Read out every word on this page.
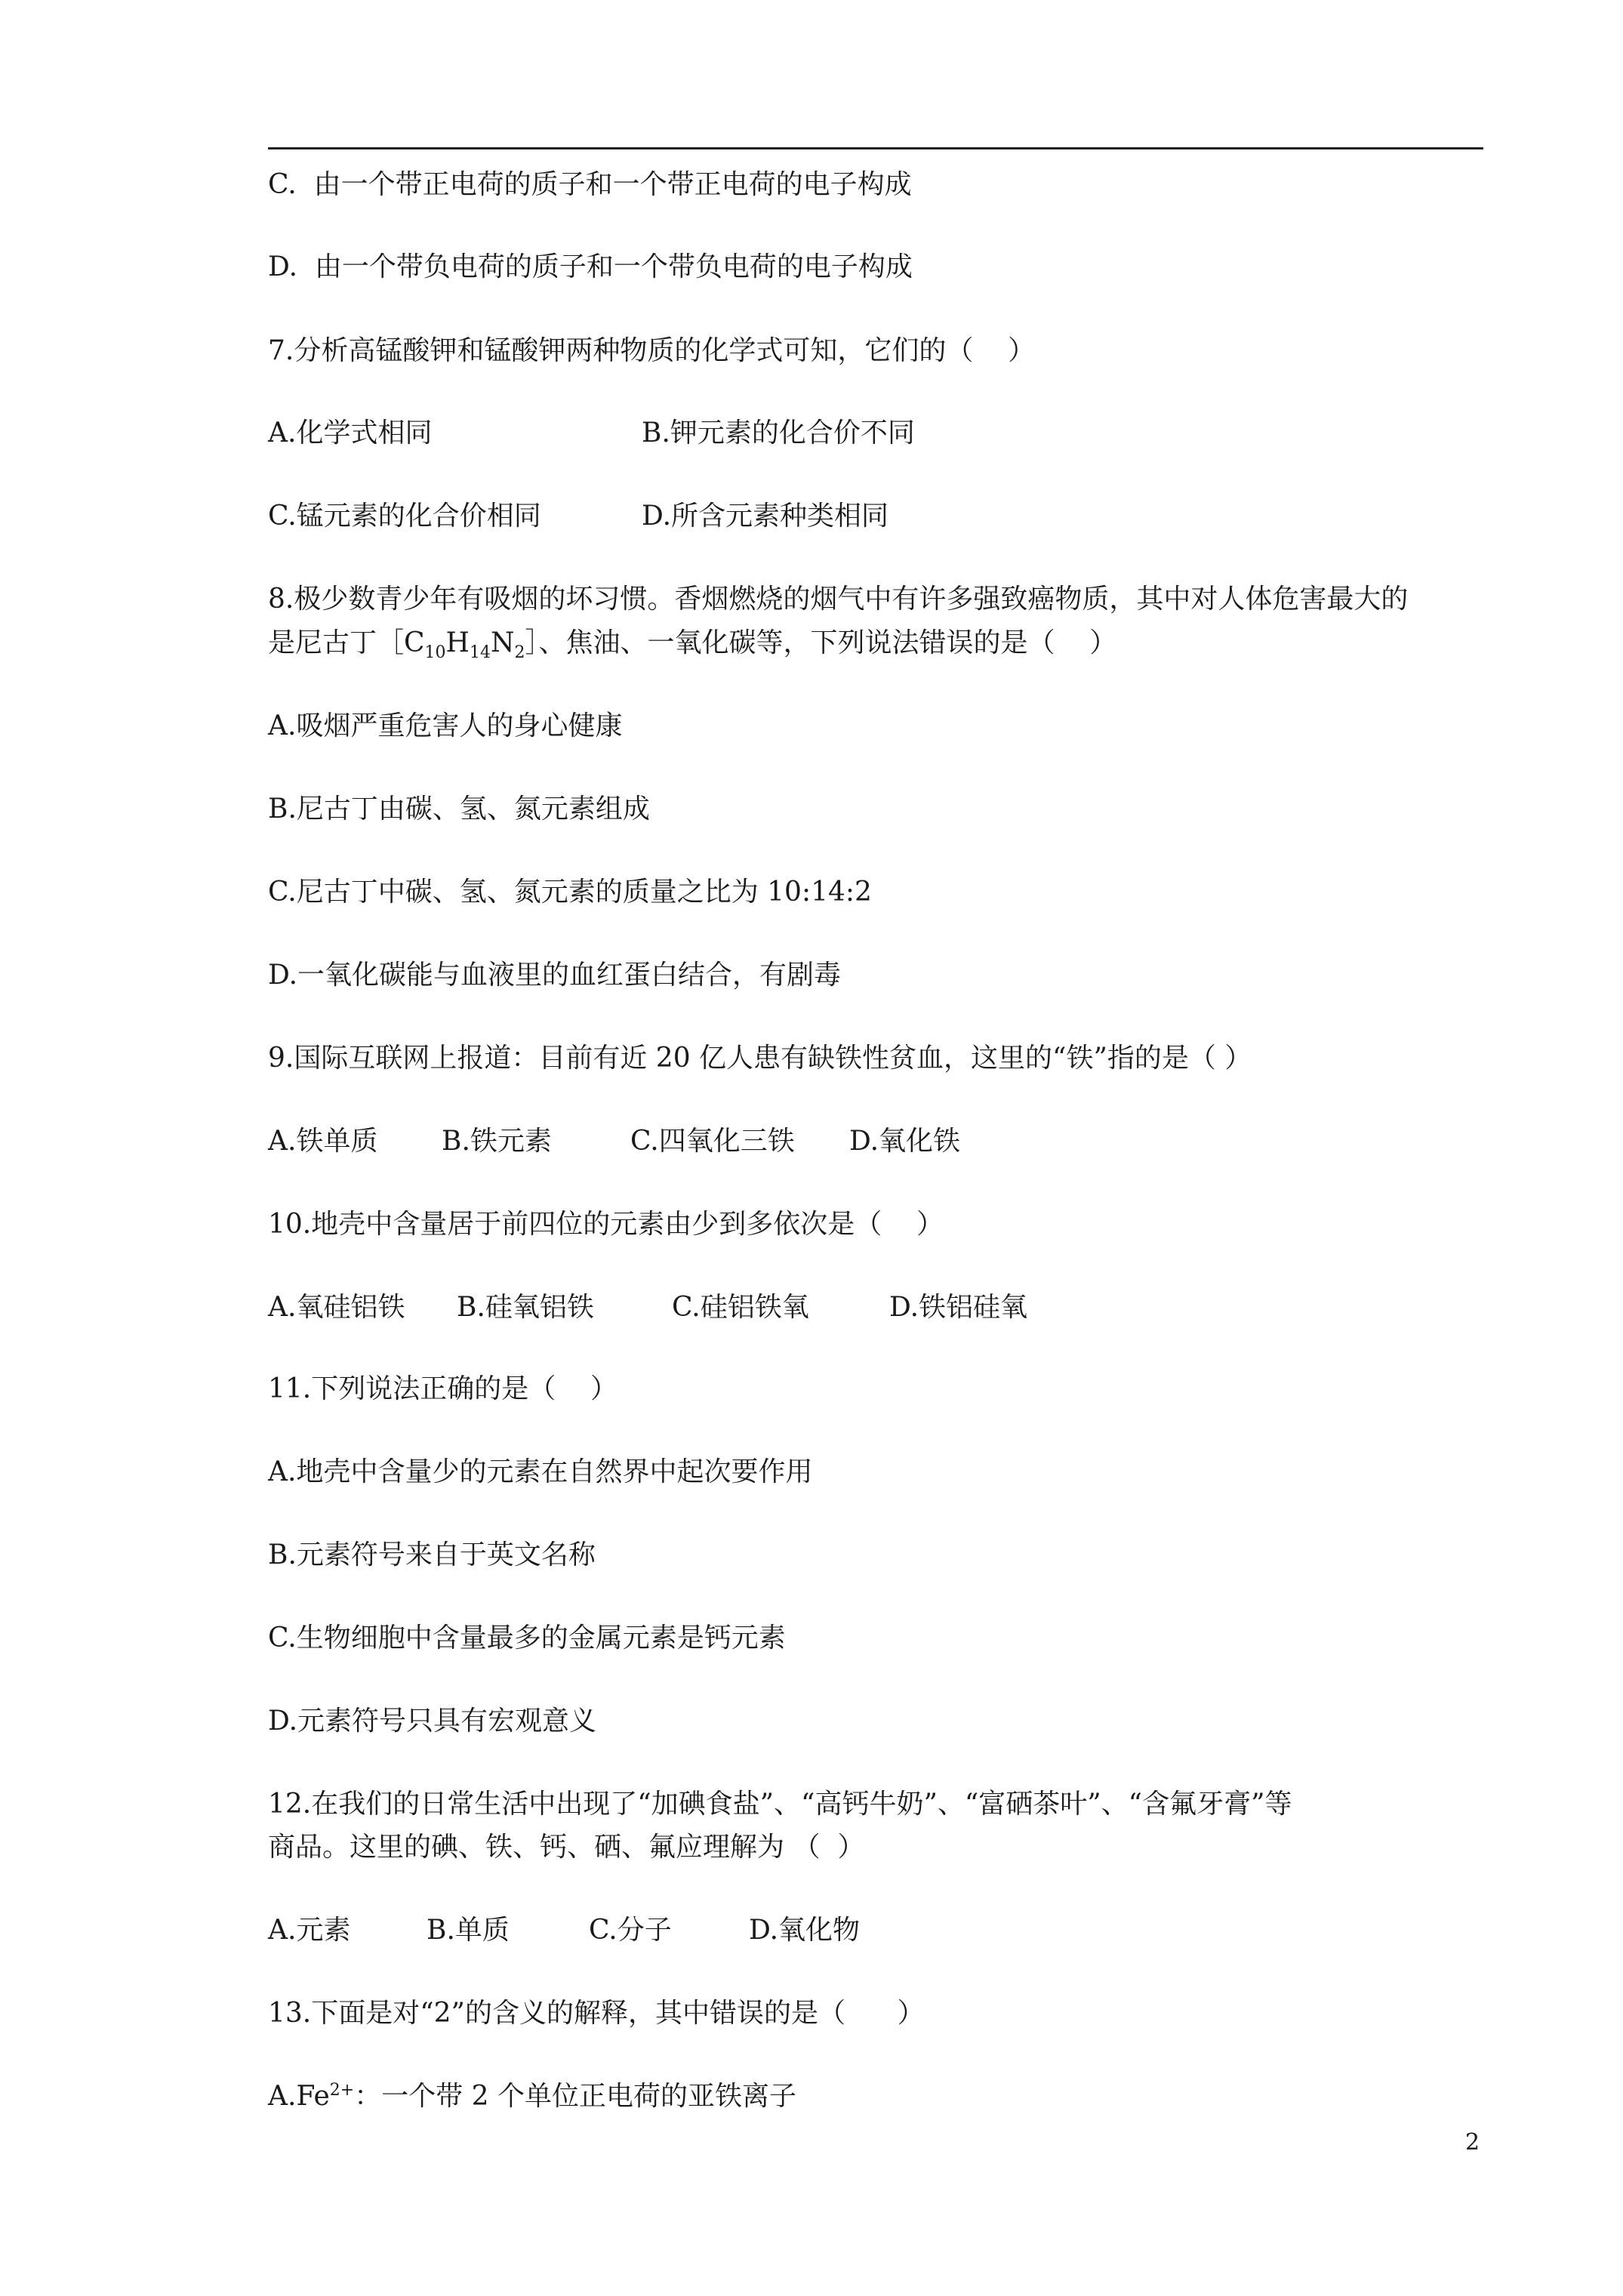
C.  由一个带正电荷的质子和一个带正电荷的电子构成
D.  由一个带负电荷的质子和一个带负电荷的电子构成
7.分析高锰酸钾和锰酸钾两种物质的化学式可知，它们的（    ）
A.化学式相同	B.钾元素的化合价不同
C.锰元素的化合价相同	D.所含元素种类相同
8.极少数青少年有吸烟的坏习惯。香烟燃烧的烟气中有许多强致癌物质，其中对人体危害最大的
是尼古丁$[C_{10}H_{14}N_2]$、焦油、一氧化碳等，下列说法错误的是（    ）
A.吸烟严重危害人的身心健康
B.尼古丁由碳、氢、氮元素组成
C.尼古丁中碳、氢、氮元素的质量之比为 10:14:2
D.一氧化碳能与血液里的血红蛋白结合，有剧毒
9.国际互联网上报道：目前有近 20 亿人患有缺铁性贫血，这里的“铁”指的是（ ）
A.铁单质	B.铁元素	C.四氧化三铁	D.氧化铁
10.地壳中含量居于前四位的元素由少到多依次是（    ）
A.氧硅铝铁	B.硅氧铝铁	C.硅铝铁氧	D.铁铝硅氧
11.下列说法正确的是（    ）
A.地壳中含量少的元素在自然界中起次要作用
B.元素符号来自于英文名称
C.生物细胞中含量最多的金属元素是钙元素
D.元素符号只具有宏观意义
12.在我们的日常生活中出现了“加碘食盐”、“高钙牛奶”、“富硒茶叶”、“含氟牙膏”等
商品。这里的碘、铁、钙、硒、氟应理解为 （  ）
A.元素	B.单质	C.分子	D.氧化物
13.下面是对“2”的含义的解释，其中错误的是（      ）
$A.Fe^{2+}$：一个带 2 个单位正电荷的亚铁离子
2
